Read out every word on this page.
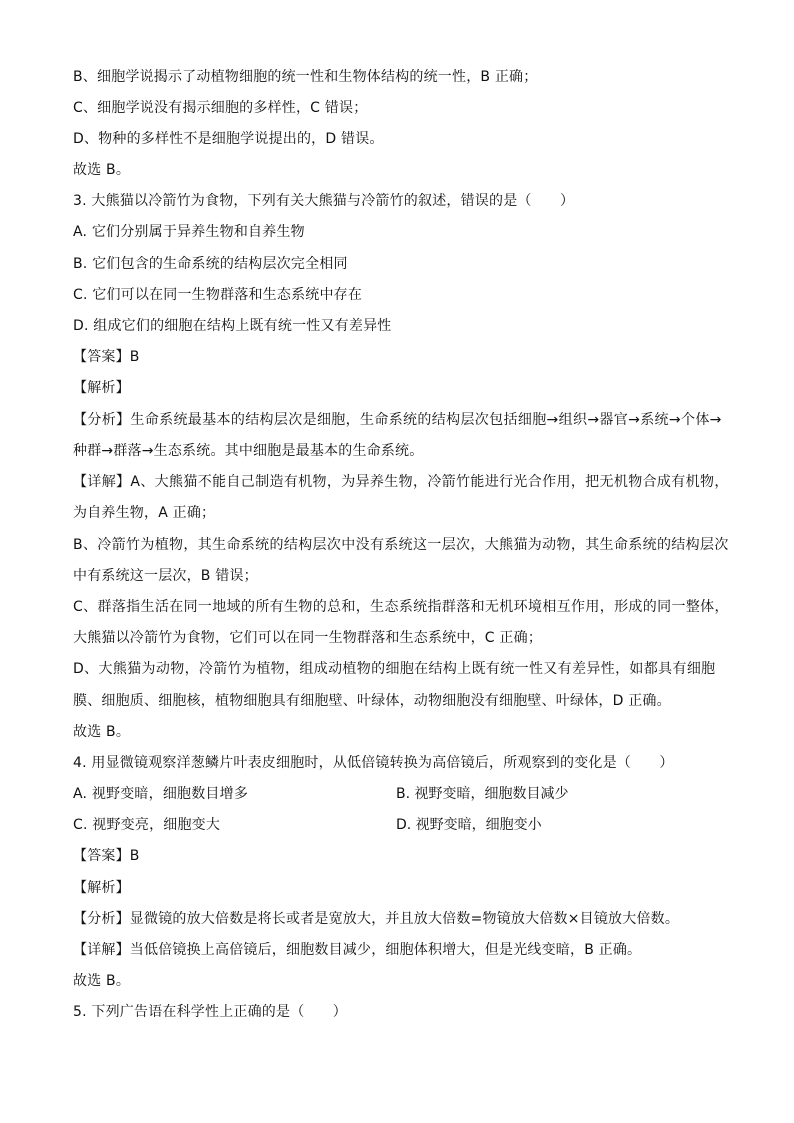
B、细胞学说揭示了动植物细胞的统一性和生物体结构的统一性，B 正确；
C、细胞学说没有揭示细胞的多样性，C 错误；
D、物种的多样性不是细胞学说提出的，D 错误。
故选 B。
3. 大熊猫以冷箭竹为食物，下列有关大熊猫与冷箭竹的叙述，错误的是（　　）
A. 它们分别属于异养生物和自养生物
B. 它们包含的生命系统的结构层次完全相同
C. 它们可以在同一生物群落和生态系统中存在
D. 组成它们的细胞在结构上既有统一性又有差异性
【答案】B
【解析】
【分析】生命系统最基本的结构层次是细胞，生命系统的结构层次包括细胞→组织→器官→系统→个体→
种群→群落→生态系统。其中细胞是最基本的生命系统。
【详解】A、大熊猫不能自己制造有机物，为异养生物，冷箭竹能进行光合作用，把无机物合成有机物，
为自养生物，A 正确；
B、冷箭竹为植物，其生命系统的结构层次中没有系统这一层次，大熊猫为动物，其生命系统的结构层次
中有系统这一层次，B 错误；
C、群落指生活在同一地域的所有生物的总和，生态系统指群落和无机环境相互作用，形成的同一整体，
大熊猫以冷箭竹为食物，它们可以在同一生物群落和生态系统中，C 正确；
D、大熊猫为动物，冷箭竹为植物，组成动植物的细胞在结构上既有统一性又有差异性，如都具有细胞
膜、细胞质、细胞核，植物细胞具有细胞壁、叶绿体，动物细胞没有细胞壁、叶绿体，D 正确。
故选 B。
4. 用显微镜观察洋葱鳞片叶表皮细胞时，从低倍镜转换为高倍镜后，所观察到的变化是（　　）
A. 视野变暗，细胞数目增多	B. 视野变暗，细胞数目减少
C. 视野变亮，细胞变大	D. 视野变暗，细胞变小
【答案】B
【解析】
【分析】显微镜的放大倍数是将长或者是宽放大，并且放大倍数=物镜放大倍数×目镜放大倍数。
【详解】当低倍镜换上高倍镜后，细胞数目减少，细胞体积增大，但是光线变暗，B 正确。
故选 B。
5. 下列广告语在科学性上正确的是（　　）
